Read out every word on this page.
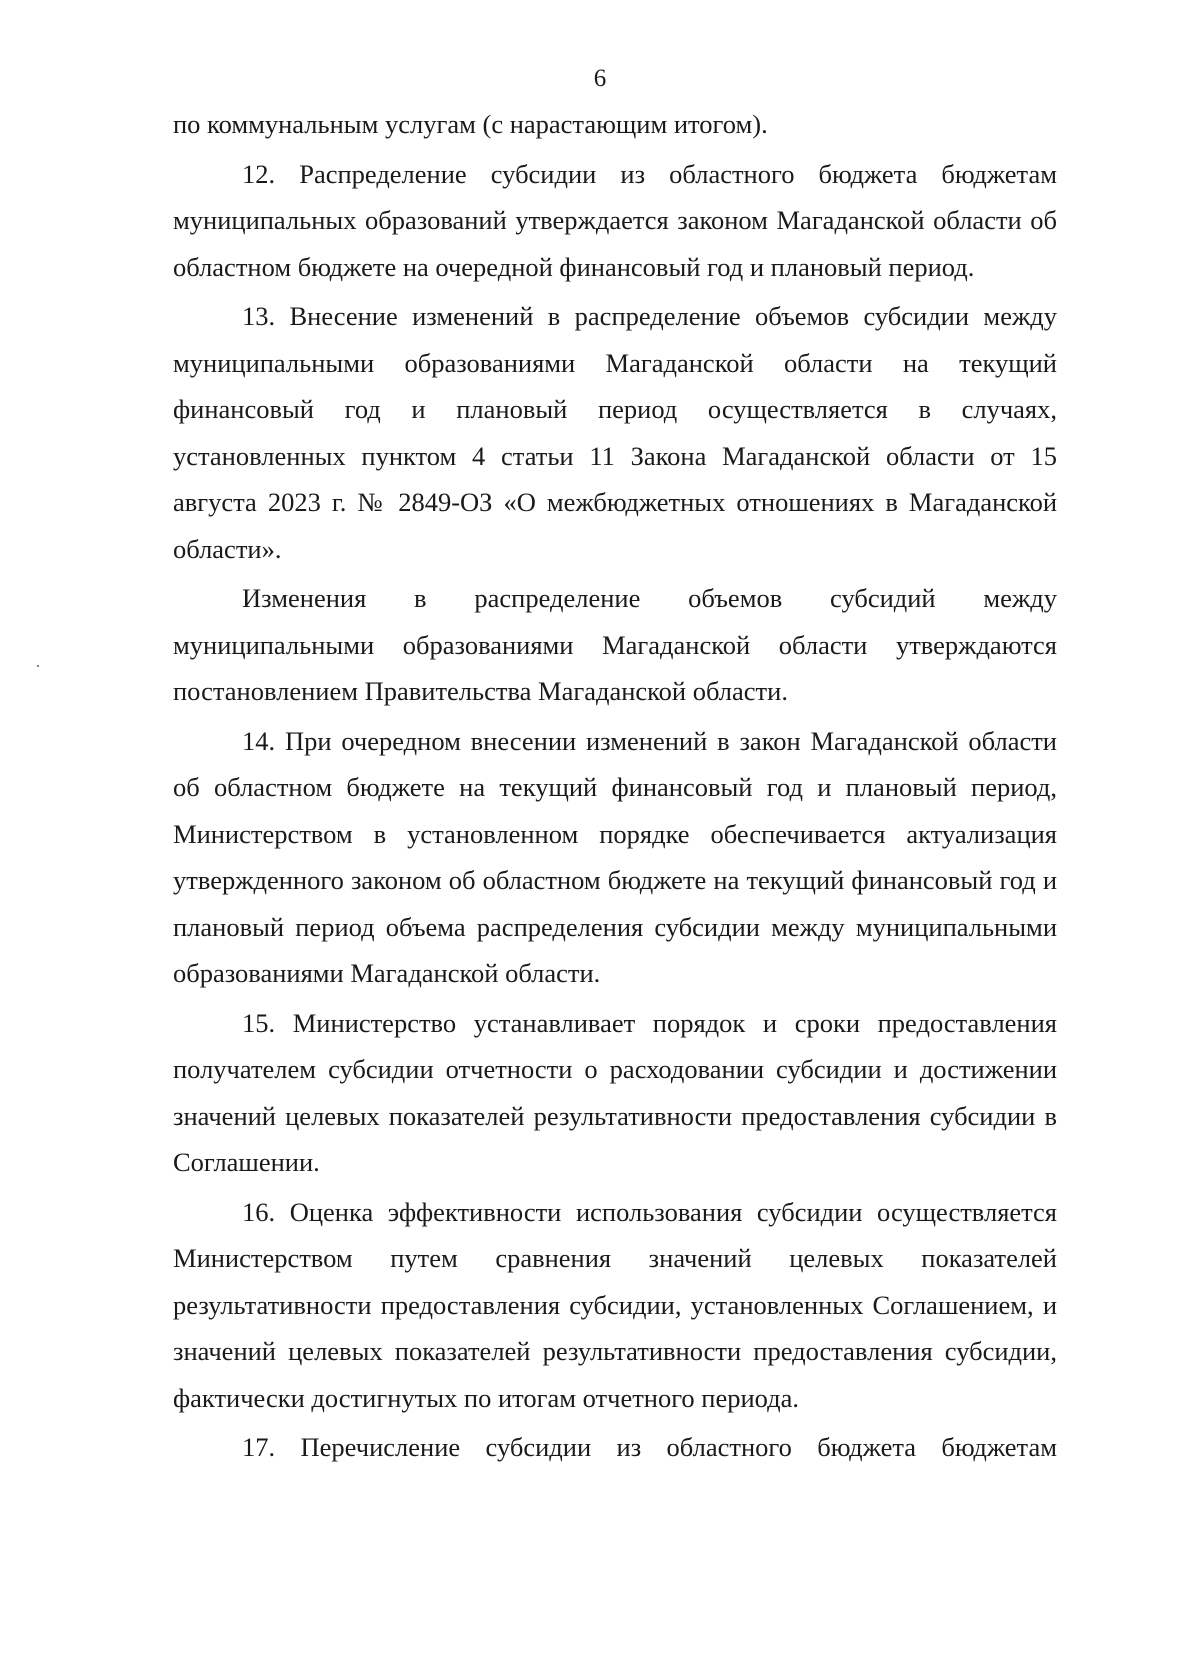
6

по коммунальным услугам (с нарастающим итогом).

12. Распределение субсидии из областного бюджета бюджетам муниципальных образований утверждается законом Магаданской области об областном бюджете на очередной финансовый год и плановый период.

13. Внесение изменений в распределение объемов субсидии между муниципальными образованиями Магаданской области на текущий финансовый год и плановый период осуществляется в случаях, установленных пунктом 4 статьи 11 Закона Магаданской области от 15 августа 2023 г. № 2849-ОЗ «О межбюджетных отношениях в Магаданской области».

Изменения в распределение объемов субсидий между муниципальными образованиями Магаданской области утверждаются постановлением Правительства Магаданской области.

14. При очередном внесении изменений в закон Магаданской области об областном бюджете на текущий финансовый год и плановый период, Министерством в установленном порядке обеспечивается актуализация утвержденного законом об областном бюджете на текущий финансовый год и плановый период объема распределения субсидии между муниципальными образованиями Магаданской области.

15. Министерство устанавливает порядок и сроки предоставления получателем субсидии отчетности о расходовании субсидии и достижении значений целевых показателей результативности предоставления субсидии в Соглашении.

16. Оценка эффективности использования субсидии осуществляется Министерством путем сравнения значений целевых показателей результативности предоставления субсидии, установленных Соглашением, и значений целевых показателей результативности предоставления субсидии, фактически достигнутых по итогам отчетного периода.

17. Перечисление субсидии из областного бюджета бюджетам
